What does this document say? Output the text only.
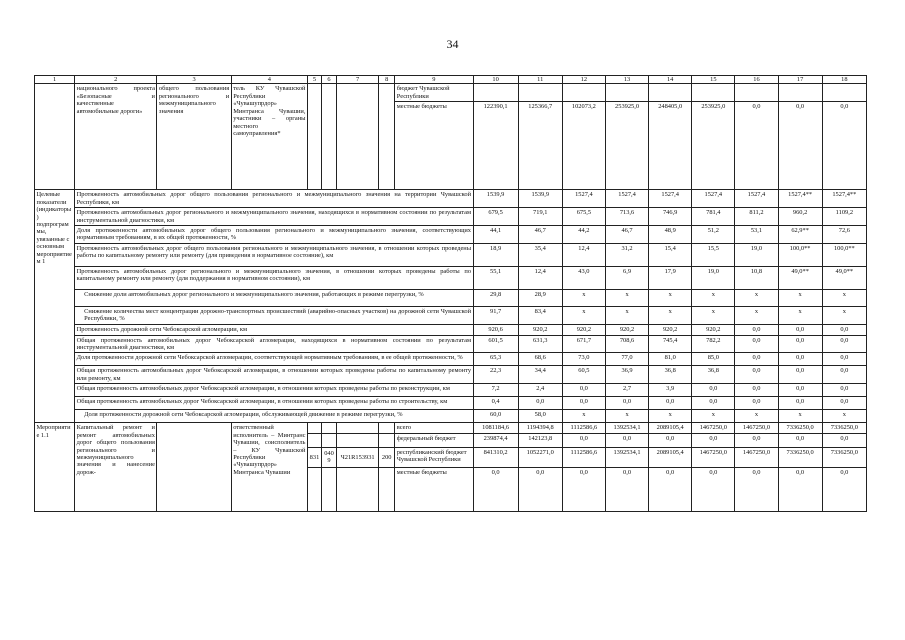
34
1	2	3	4	5	6	7	8	9	10	11	12	13	14	15	16	17	18
	национального проекта «Безопасные и качественные автомобильные дороги»	общего пользования регионального и межмуниципального значения	тель КУ Чувашской Республики «Чувашупрдор» Минтранса Чувашии, участники – органы местного самоуправления*					бюджет Чувашской Республики									
								местные бюджеты	122390,1	125366,7	102073,2	253925,0	248405,0	253925,0	0,0	0,0	0,0
Целевые показатели (индикаторы) подпрограммы, увязанные с основным мероприятием 1	Протяженность автомобильных дорог общего пользования регионального и межмуниципального значения на территории Чувашской Республики, км								1539,9	1539,9	1527,4	1527,4	1527,4	1527,4	1527,4	1527,4**	1527,4**
	Протяженность автомобильных дорог регионального и межмуниципального значения, находящихся в нормативном состоянии по результатам инструментальной диагностики, км								679,5	719,1	675,5	713,6	746,9	781,4	811,2	960,2	1109,2
	Доля протяженности автомобильных дорог общего пользования регионального и межмуниципального значения, соответствующих нормативным требованиям, в их общей протяженности, %								44,1	46,7	44,2	46,7	48,9	51,2	53,1	62,9**	72,6
	Протяженность автомобильных дорог общего пользования регионального и межмуниципального значения, в отношении которых проведены работы по капитальному ремонту или ремонту (для приведения в нормативное состояние), км								18,9	35,4	12,4	31,2	15,4	15,5	19,0	100,0**	100,0**
	Протяженность автомобильных дорог регионального и межмуниципального значения, в отношении которых проведены работы по капитальному ремонту или ремонту (для поддержания в нормативном состоянии), км								55,1	12,4	43,0	6,9	17,9	19,0	10,8	49,0**	49,0**
	Снижение доли автомобильных дорог регионального и межмуниципального значения, работающих в режиме перегрузки, %								29,8	28,9	x	x	x	x	x	x	x
	Снижение количества мест концентрации дорожно-транспортных происшествий (аварийно-опасных участков) на дорожной сети Чувашской Республики, %								91,7	83,4	x	x	x	x	x	x	x
	Протяженность дорожной сети Чебоксарской агломерации, км								920,6	920,2	920,2	920,2	920,2	920,2	0,0	0,0	0,0
	Общая протяженность автомобильных дорог Чебоксарской агломерации, находящихся в нормативном состоянии по результатам инструментальной диагностики, км								601,5	631,3	671,7	708,6	745,4	782,2	0,0	0,0	0,0
	Доля протяженности дорожной сети Чебоксарской агломерации, соответствующей нормативным требованиям, в ее общей протяженности, %								65,3	68,6	73,0	77,0	81,0	85,0	0,0	0,0	0,0
	Общая протяженность автомобильных дорог Чебоксарской агломерации, в отношении которых проведены работы по капитальному ремонту или ремонту, км								22,3	34,4	60,5	36,9	36,8	36,8	0,0	0,0	0,0
	Общая протяженность автомобильных дорог Чебоксарской агломерации, в отношении которых проведены работы по реконструкции, км								7,2	2,4	0,0	2,7	3,9	0,0	0,0	0,0	0,0
	Общая протяженность автомобильных дорог Чебоксарской агломерации, в отношении которых проведены работы по строительству, км								0,4	0,0	0,0	0,0	0,0	0,0	0,0	0,0	0,0
	Доля протяженности дорожной сети Чебоксарской агломерации, обслуживающей движение в режиме перегрузки, %								60,0	58,0	x	x	x	x	x	x	x
Мероприятие 1.1	Капитальный ремонт и ремонт автомобильных дорог общего пользования регионального и межмуниципального значения и нанесение дорож-		ответственный исполнитель – Минтранс Чувашии, соисполнитель – КУ Чувашской Республики «Чувашупрдор» Минтранса Чувашии					всего	1081184,6	1194394,8	1112586,6	1392534,1	2089105,4	1467250,0	1467250,0	7336250,0	7336250,0
								федеральный бюджет	239874,4	142123,8	0,0	0,0	0,0	0,0	0,0	0,0	0,0
				831	0409	Ч21R153931	200	республиканский бюджет Чувашской Республики	841310,2	1052271,0	1112586,6	1392534,1	2089105,4	1467250,0	1467250,0	7336250,0	7336250,0
								местные бюджеты	0,0	0,0	0,0	0,0	0,0	0,0	0,0	0,0	0,0
